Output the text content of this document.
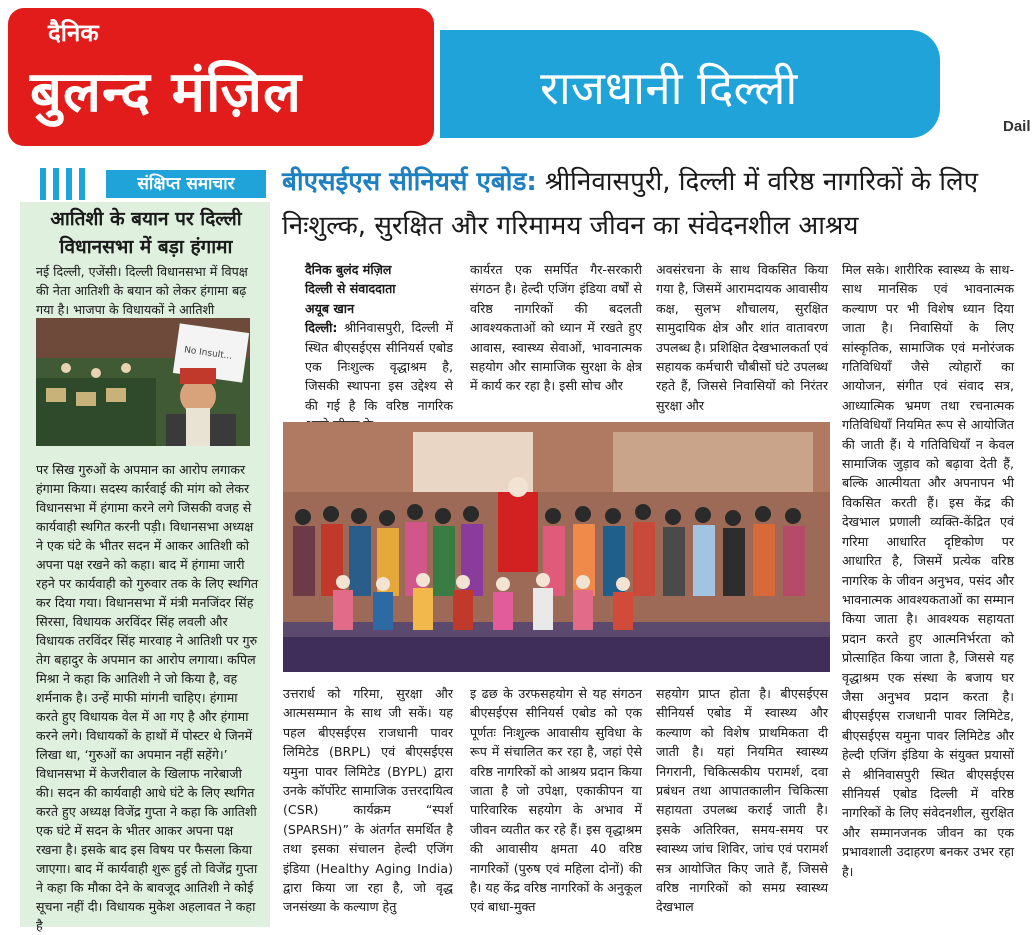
दैनिक
बुलन्द मंज़िल	राजधानी दिल्ली
Dail
संक्षिप्त समाचार
आतिशी के बयान पर दिल्ली विधानसभा में बड़ा हंगामा
नई दिल्ली, एजेंसी। दिल्ली विधानसभा में विपक्ष की नेता आतिशी के बयान को लेकर हंगामा बढ़ गया है। भाजपा के विधायकों ने आतिशी
No Insult...
पर सिख गुरुओं के अपमान का आरोप लगाकर हंगामा किया। सदस्य कार्रवाई की मांग को लेकर विधानसभा में हंगामा करने लगे जिसकी वजह से कार्यवाही स्थगित करनी पड़ी। विधानसभा अध्यक्ष ने एक घंटे के भीतर सदन में आकर आतिशी को अपना पक्ष रखने को कहा। बाद में हंगामा जारी रहने पर कार्यवाही को गुरुवार तक के लिए स्थगित कर दिया गया। विधानसभा में मंत्री मनजिंदर सिंह सिरसा, विधायक अरविंदर सिंह लवली और विधायक तरविंदर सिंह मारवाह ने आतिशी पर गुरु तेग बहादुर के अपमान का आरोप लगाया। कपिल मिश्रा ने कहा कि आतिशी ने जो किया है, वह शर्मनाक है। उन्हें माफी मांगनी चाहिए। हंगामा करते हुए विधायक वेल में आ गए है और हंगामा करने लगे। विधायकों के हाथों में पोस्टर थे जिनमें लिखा था, ‘गुरुओं का अपमान नहीं सहेंगे।’ विधानसभा में केजरीवाल के खिलाफ नारेबाजी की। सदन की कार्यवाही आधे घंटे के लिए स्थगित करते हुए अध्यक्ष विजेंद्र गुप्ता ने कहा कि आतिशी एक घंटे में सदन के भीतर आकर अपना पक्ष रखना है। इसके बाद इस विषय पर फैसला किया जाएगा। बाद में कार्यवाही शुरू हुई तो विजेंद्र गुप्ता ने कहा कि मौका देने के बावजूद आतिशी ने कोई सूचना नहीं दी। विधायक मुकेश अहलावत ने कहा है
बीएसईएस सीनियर्स एबोड: श्रीनिवासपुरी, दिल्ली में वरिष्ठ नागरिकों के लिए निःशुल्क, सुरक्षित और गरिमामय जीवन का संवेदनशील आश्रय
दैनिक बुलंद मंज़िल
दिल्ली से संवाददाता
अयूब खान

दिल्ली: श्रीनिवासपुरी, दिल्ली में स्थित बीएसईएस सीनियर्स एबोड एक निःशुल्क वृद्धाश्रम है, जिसकी स्थापना इस उद्देश्य से की गई है कि वरिष्ठ नागरिक

कार्यरत एक समर्पित गैर-सरकारी संगठन है। हेल्दी एजिंग इंडिया वर्षों से वरिष्ठ नागरिकों की बदलती आवश्यकताओं को ध्यान में रखते हुए आवास, स्वास्थ्य सेवाओं, भावनात्मक सहयोग और सामाजिक सुरक्षा के क्षेत्र में कार्य कर रहा है। इसी सोच और
अवसंरचना के साथ विकसित किया गया है, जिसमें आरामदायक आवासीय कक्ष, सुलभ शौचालय, सुरक्षित सामुदायिक क्षेत्र और शांत वातावरण उपलब्ध है। प्रशिक्षित देखभालकर्ता एवं सहायक कर्मचारी चौबीसों घंटे उपलब्ध रहते हैं, जिससे निवासियों को निरंतर सुरक्षा और
मिल सके। शारीरिक स्वास्थ्य के साथ-साथ मानसिक एवं भावनात्मक कल्याण पर भी विशेष ध्यान दिया जाता है। निवासियों के लिए सांस्कृतिक, सामाजिक एवं मनोरंजक गतिविधियाँ जैसे त्योहारों का आयोजन, संगीत एवं संवाद सत्र, आध्यात्मिक भ्रमण तथा रचनात्मक गतिविधियाँ नियमित रूप से आयोजित की जाती हैं। ये गतिविधियाँ न केवल सामाजिक जुड़ाव को बढ़ावा देती हैं, बल्कि आत्मीयता और अपनापन भी विकसित करती हैं। इस केंद्र की देखभाल प्रणाली व्यक्ति-केंद्रित एवं गरिमा आधारित दृष्टिकोण पर आधारित है, जिसमें प्रत्येक वरिष्ठ नागरिक के जीवन अनुभव, पसंद और भावनात्मक आवश्यकताओं का सम्मान किया जाता है। आवश्यक सहायता प्रदान करते हुए आत्मनिर्भरता को प्रोत्साहित किया जाता है, जिससे यह वृद्धाश्रम एक संस्था के बजाय घर जैसा अनुभव प्रदान करता है। बीएसईएस राजधानी पावर लिमिटेड, बीएसईएस यमुना पावर लिमिटेड और हेल्दी एजिंग इंडिया के संयुक्त प्रयासों से श्रीनिवासपुरी स्थित बीएसईएस सीनियर्स एबोड दिल्ली में वरिष्ठ नागरिकों के लिए संवेदनशील, सुरक्षित और सम्मानजनक जीवन का एक प्रभावशाली उदाहरण बनकर उभर रहा है।
उत्तरार्ध को गरिमा, सुरक्षा और आत्मसम्मान के साथ जी सकें। यह पहल बीएसईएस राजधानी पावर लिमिटेड (BRPL) एवं बीएसईएस यमुना पावर लिमिटेड (BYPL) द्वारा उनके कॉर्पोरेट सामाजिक उत्तरदायित्व (CSR) कार्यक्रम “स्पर्श (SPARSH)” के अंतर्गत समर्थित है तथा इसका संचालन हेल्दी एजिंग इंडिया (Healthy Aging India) द्वारा किया जा रहा है, जो वृद्ध जनसंख्या के कल्याण हेतु
इ ढछ के उरफसहयोग से यह संगठन बीएसईएस सीनियर्स एबोड को एक पूर्णतः निःशुल्क आवासीय सुविधा के रूप में संचालित कर रहा है, जहां ऐसे वरिष्ठ नागरिकों को आश्रय प्रदान किया जाता है जो उपेक्षा, एकाकीपन या पारिवारिक सहयोग के अभाव में जीवन व्यतीत कर रहे हैं। इस वृद्धाश्रम की आवासीय क्षमता 40 वरिष्ठ नागरिकों (पुरुष एवं महिला दोनों) की है। यह केंद्र वरिष्ठ नागरिकों के अनुकूल एवं बाधा-मुक्त
सहयोग प्राप्त होता है। बीएसईएस सीनियर्स एबोड में स्वास्थ्य और कल्याण को विशेष प्राथमिकता दी जाती है। यहां नियमित स्वास्थ्य निगरानी, चिकित्सकीय परामर्श, दवा प्रबंधन तथा आपातकालीन चिकित्सा सहायता उपलब्ध कराई जाती है। इसके अतिरिक्त, समय-समय पर स्वास्थ्य जांच शिविर, जांच एवं परामर्श सत्र आयोजित किए जाते हैं, जिससे वरिष्ठ नागरिकों को समग्र स्वास्थ्य देखभाल
